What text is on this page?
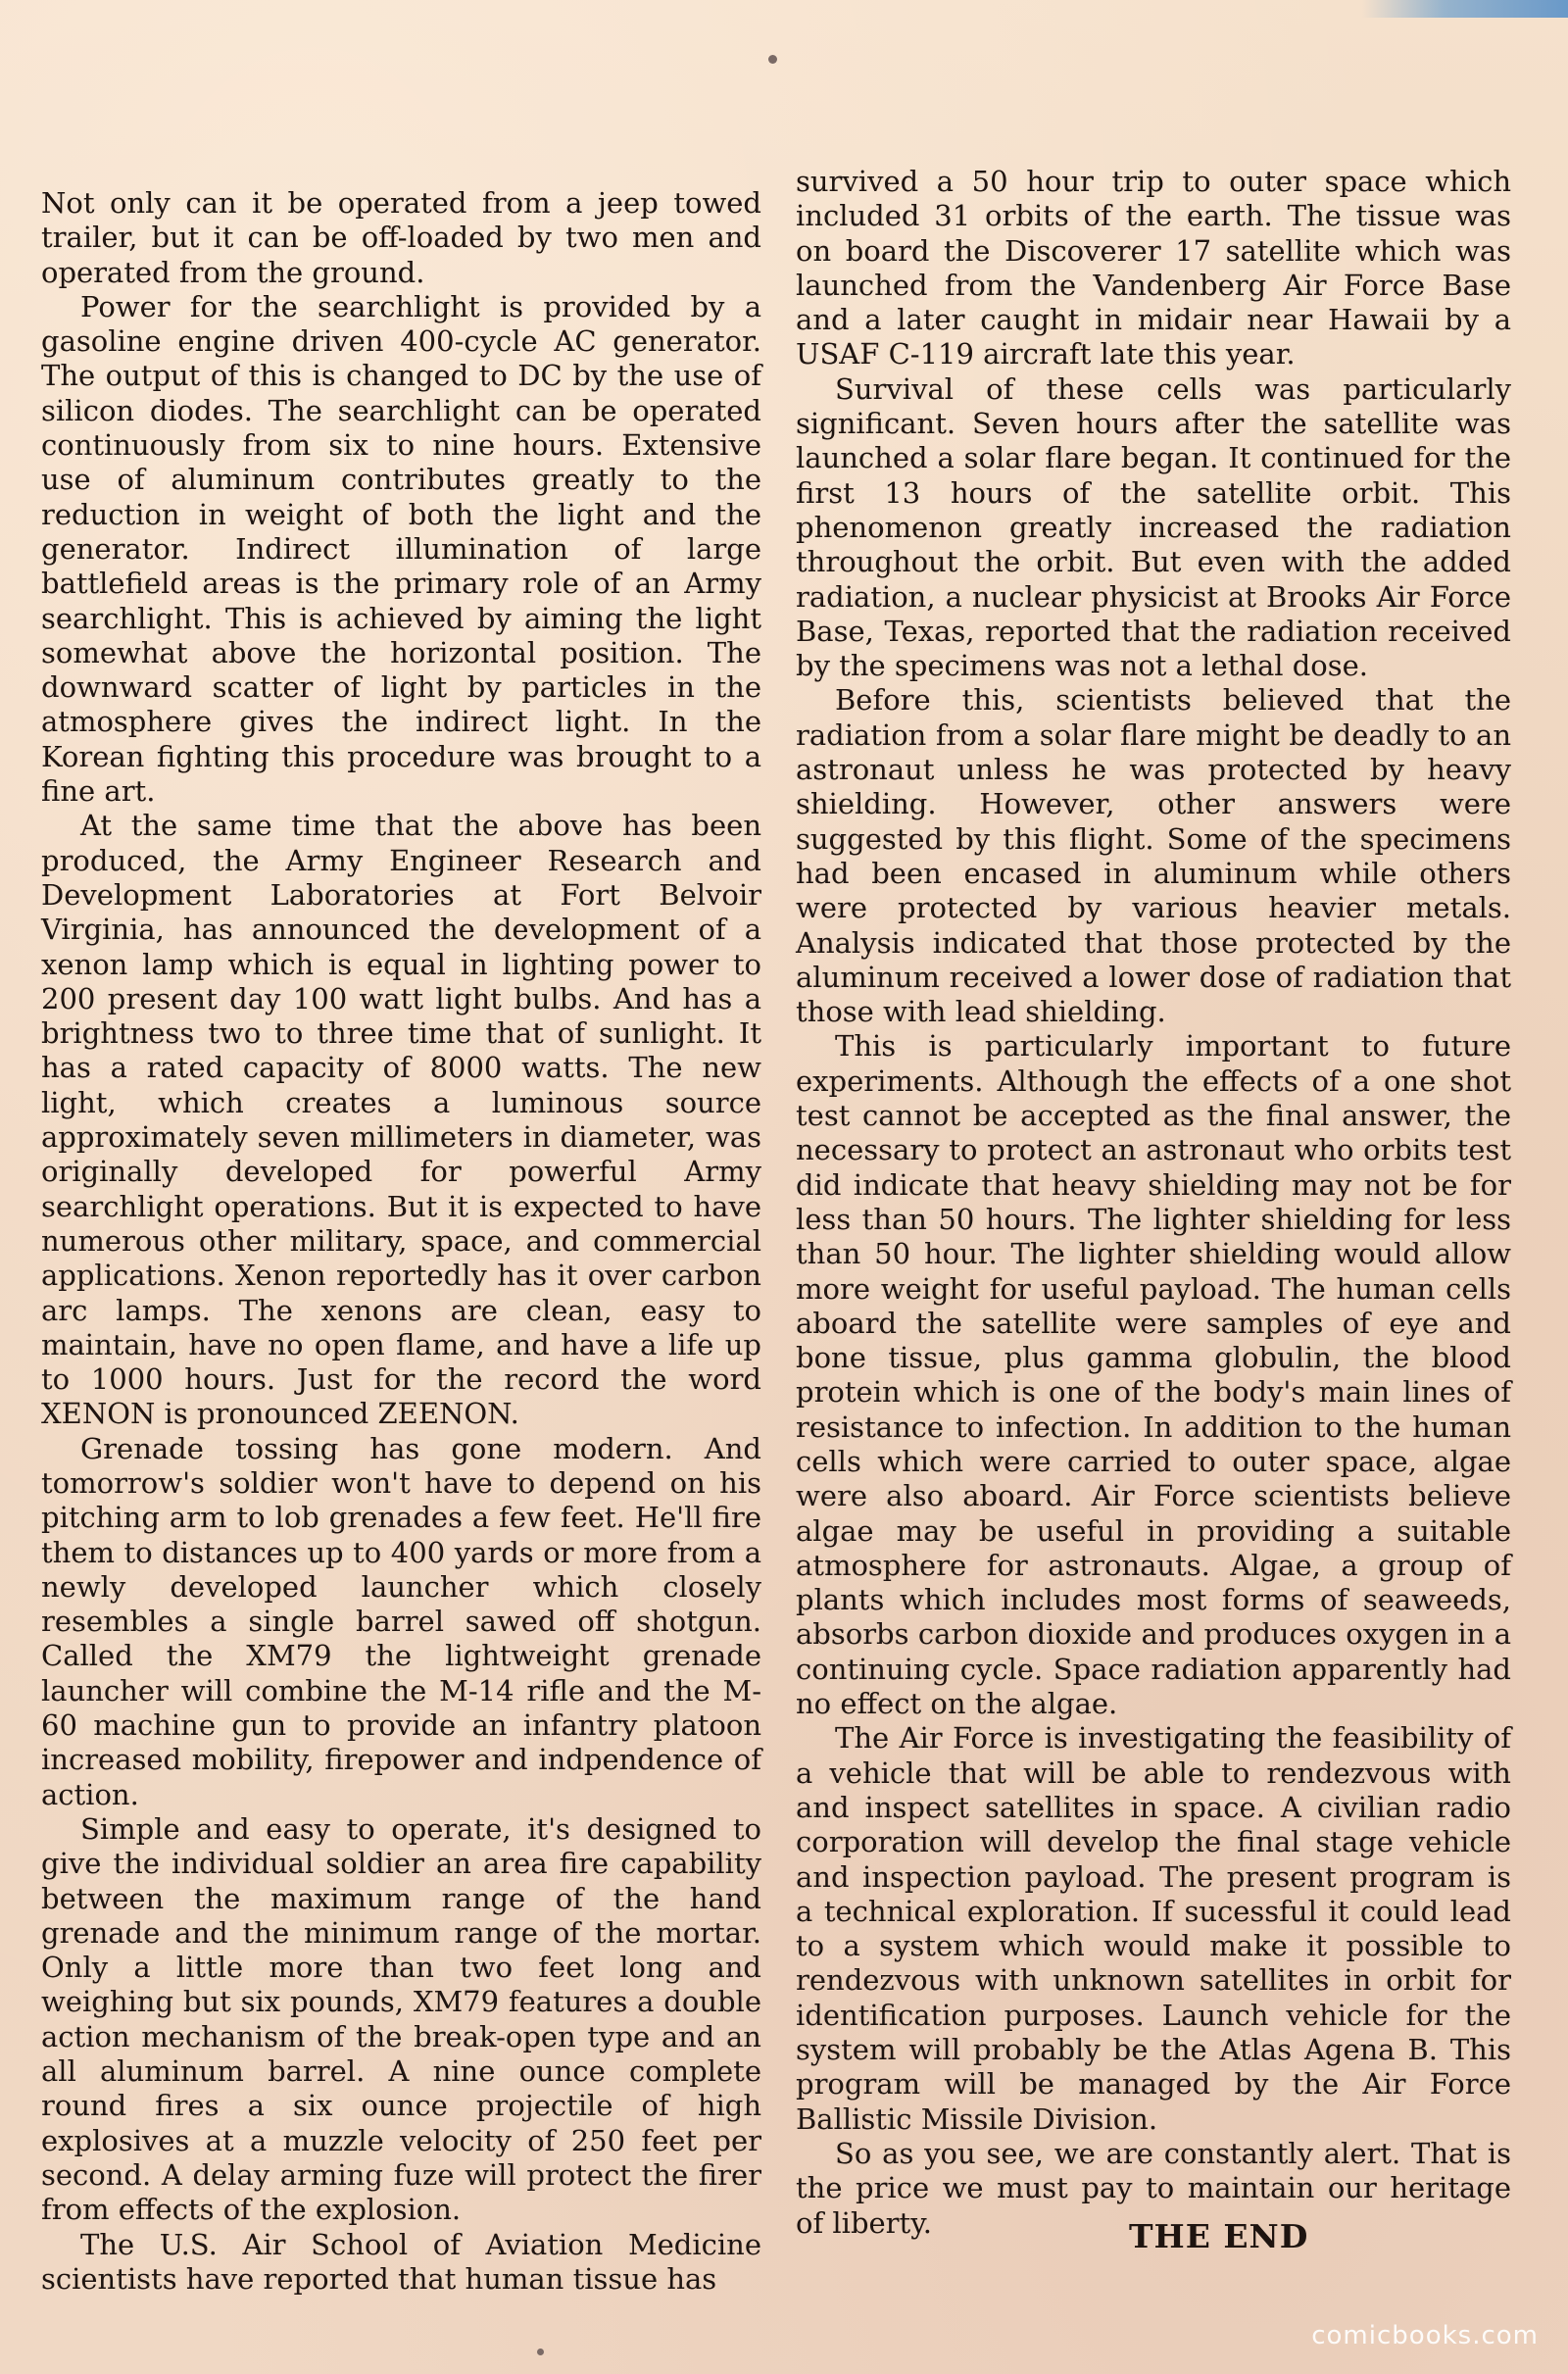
Not only can it be operated from a jeep towed trailer, but it can be off-loaded by two men and operated from the ground.

Power for the searchlight is provided by a gasoline engine driven 400-cycle AC generator. The output of this is changed to DC by the use of silicon diodes. The searchlight can be operated continuously from six to nine hours. Extensive use of aluminum contributes greatly to the reduction in weight of both the light and the generator. Indirect illumination of large battlefield areas is the primary role of an Army searchlight. This is achieved by aiming the light somewhat above the horizontal position. The downward scatter of light by particles in the atmosphere gives the indirect light. In the Korean fighting this procedure was brought to a fine art.

At the same time that the above has been produced, the Army Engineer Research and Development Laboratories at Fort Belvoir Virginia, has announced the development of a xenon lamp which is equal in lighting power to 200 present day 100 watt light bulbs. And has a brightness two to three time that of sunlight. It has a rated capacity of 8000 watts. The new light, which creates a luminous source approximately seven millimeters in diameter, was originally developed for powerful Army searchlight operations. But it is expected to have numerous other military, space, and commercial applications. Xenon reportedly has it over carbon arc lamps. The xenons are clean, easy to maintain, have no open flame, and have a life up to 1000 hours. Just for the record the word XENON is pronounced ZEENON.

Grenade tossing has gone modern. And tomorrow's soldier won't have to depend on his pitching arm to lob grenades a few feet. He'll fire them to distances up to 400 yards or more from a newly developed launcher which closely resembles a single barrel sawed off shotgun. Called the XM79 the lightweight grenade launcher will combine the M-14 rifle and the M-60 machine gun to provide an infantry platoon increased mobility, firepower and indpendence of action.

Simple and easy to operate, it's designed to give the individual soldier an area fire capability between the maximum range of the hand grenade and the minimum range of the mortar. Only a little more than two feet long and weighing but six pounds, XM79 features a double action mechanism of the break-open type and an all aluminum barrel. A nine ounce complete round fires a six ounce projectile of high explosives at a muzzle velocity of 250 feet per second. A delay arming fuze will protect the firer from effects of the explosion.

The U.S. Air School of Aviation Medicine scientists have reported that human tissue has

survived a 50 hour trip to outer space which included 31 orbits of the earth. The tissue was on board the Discoverer 17 satellite which was launched from the Vandenberg Air Force Base and a later caught in midair near Hawaii by a USAF C-119 aircraft late this year.

Survival of these cells was particularly significant. Seven hours after the satellite was launched a solar flare began. It continued for the first 13 hours of the satellite orbit. This phenomenon greatly increased the radiation throughout the orbit. But even with the added radiation, a nuclear physicist at Brooks Air Force Base, Texas, reported that the radiation received by the specimens was not a lethal dose.

Before this, scientists believed that the radiation from a solar flare might be deadly to an astronaut unless he was protected by heavy shielding. However, other answers were suggested by this flight. Some of the specimens had been encased in aluminum while others were protected by various heavier metals. Analysis indicated that those protected by the aluminum received a lower dose of radiation that those with lead shielding.

This is particularly important to future experiments. Although the effects of a one shot test cannot be accepted as the final answer, the necessary to protect an astronaut who orbits test did indicate that heavy shielding may not be for less than 50 hours. The lighter shielding for less than 50 hour. The lighter shielding would allow more weight for useful payload. The human cells aboard the satellite were samples of eye and bone tissue, plus gamma globulin, the blood protein which is one of the body's main lines of resistance to infection. In addition to the human cells which were carried to outer space, algae were also aboard. Air Force scientists believe algae may be useful in providing a suitable atmosphere for astronauts. Algae, a group of plants which includes most forms of seaweeds, absorbs carbon dioxide and produces oxygen in a continuing cycle. Space radiation apparently had no effect on the algae.

The Air Force is investigating the feasibility of a vehicle that will be able to rendezvous with and inspect satellites in space. A civilian radio corporation will develop the final stage vehicle and inspection payload. The present program is a technical exploration. If sucessful it could lead to a system which would make it possible to rendezvous with unknown satellites in orbit for identification purposes. Launch vehicle for the system will probably be the Atlas Agena B. This program will be managed by the Air Force Ballistic Missile Division.

So as you see, we are constantly alert. That is the price we must pay to maintain our heritage of liberty.	THE END
comicbooks.com
